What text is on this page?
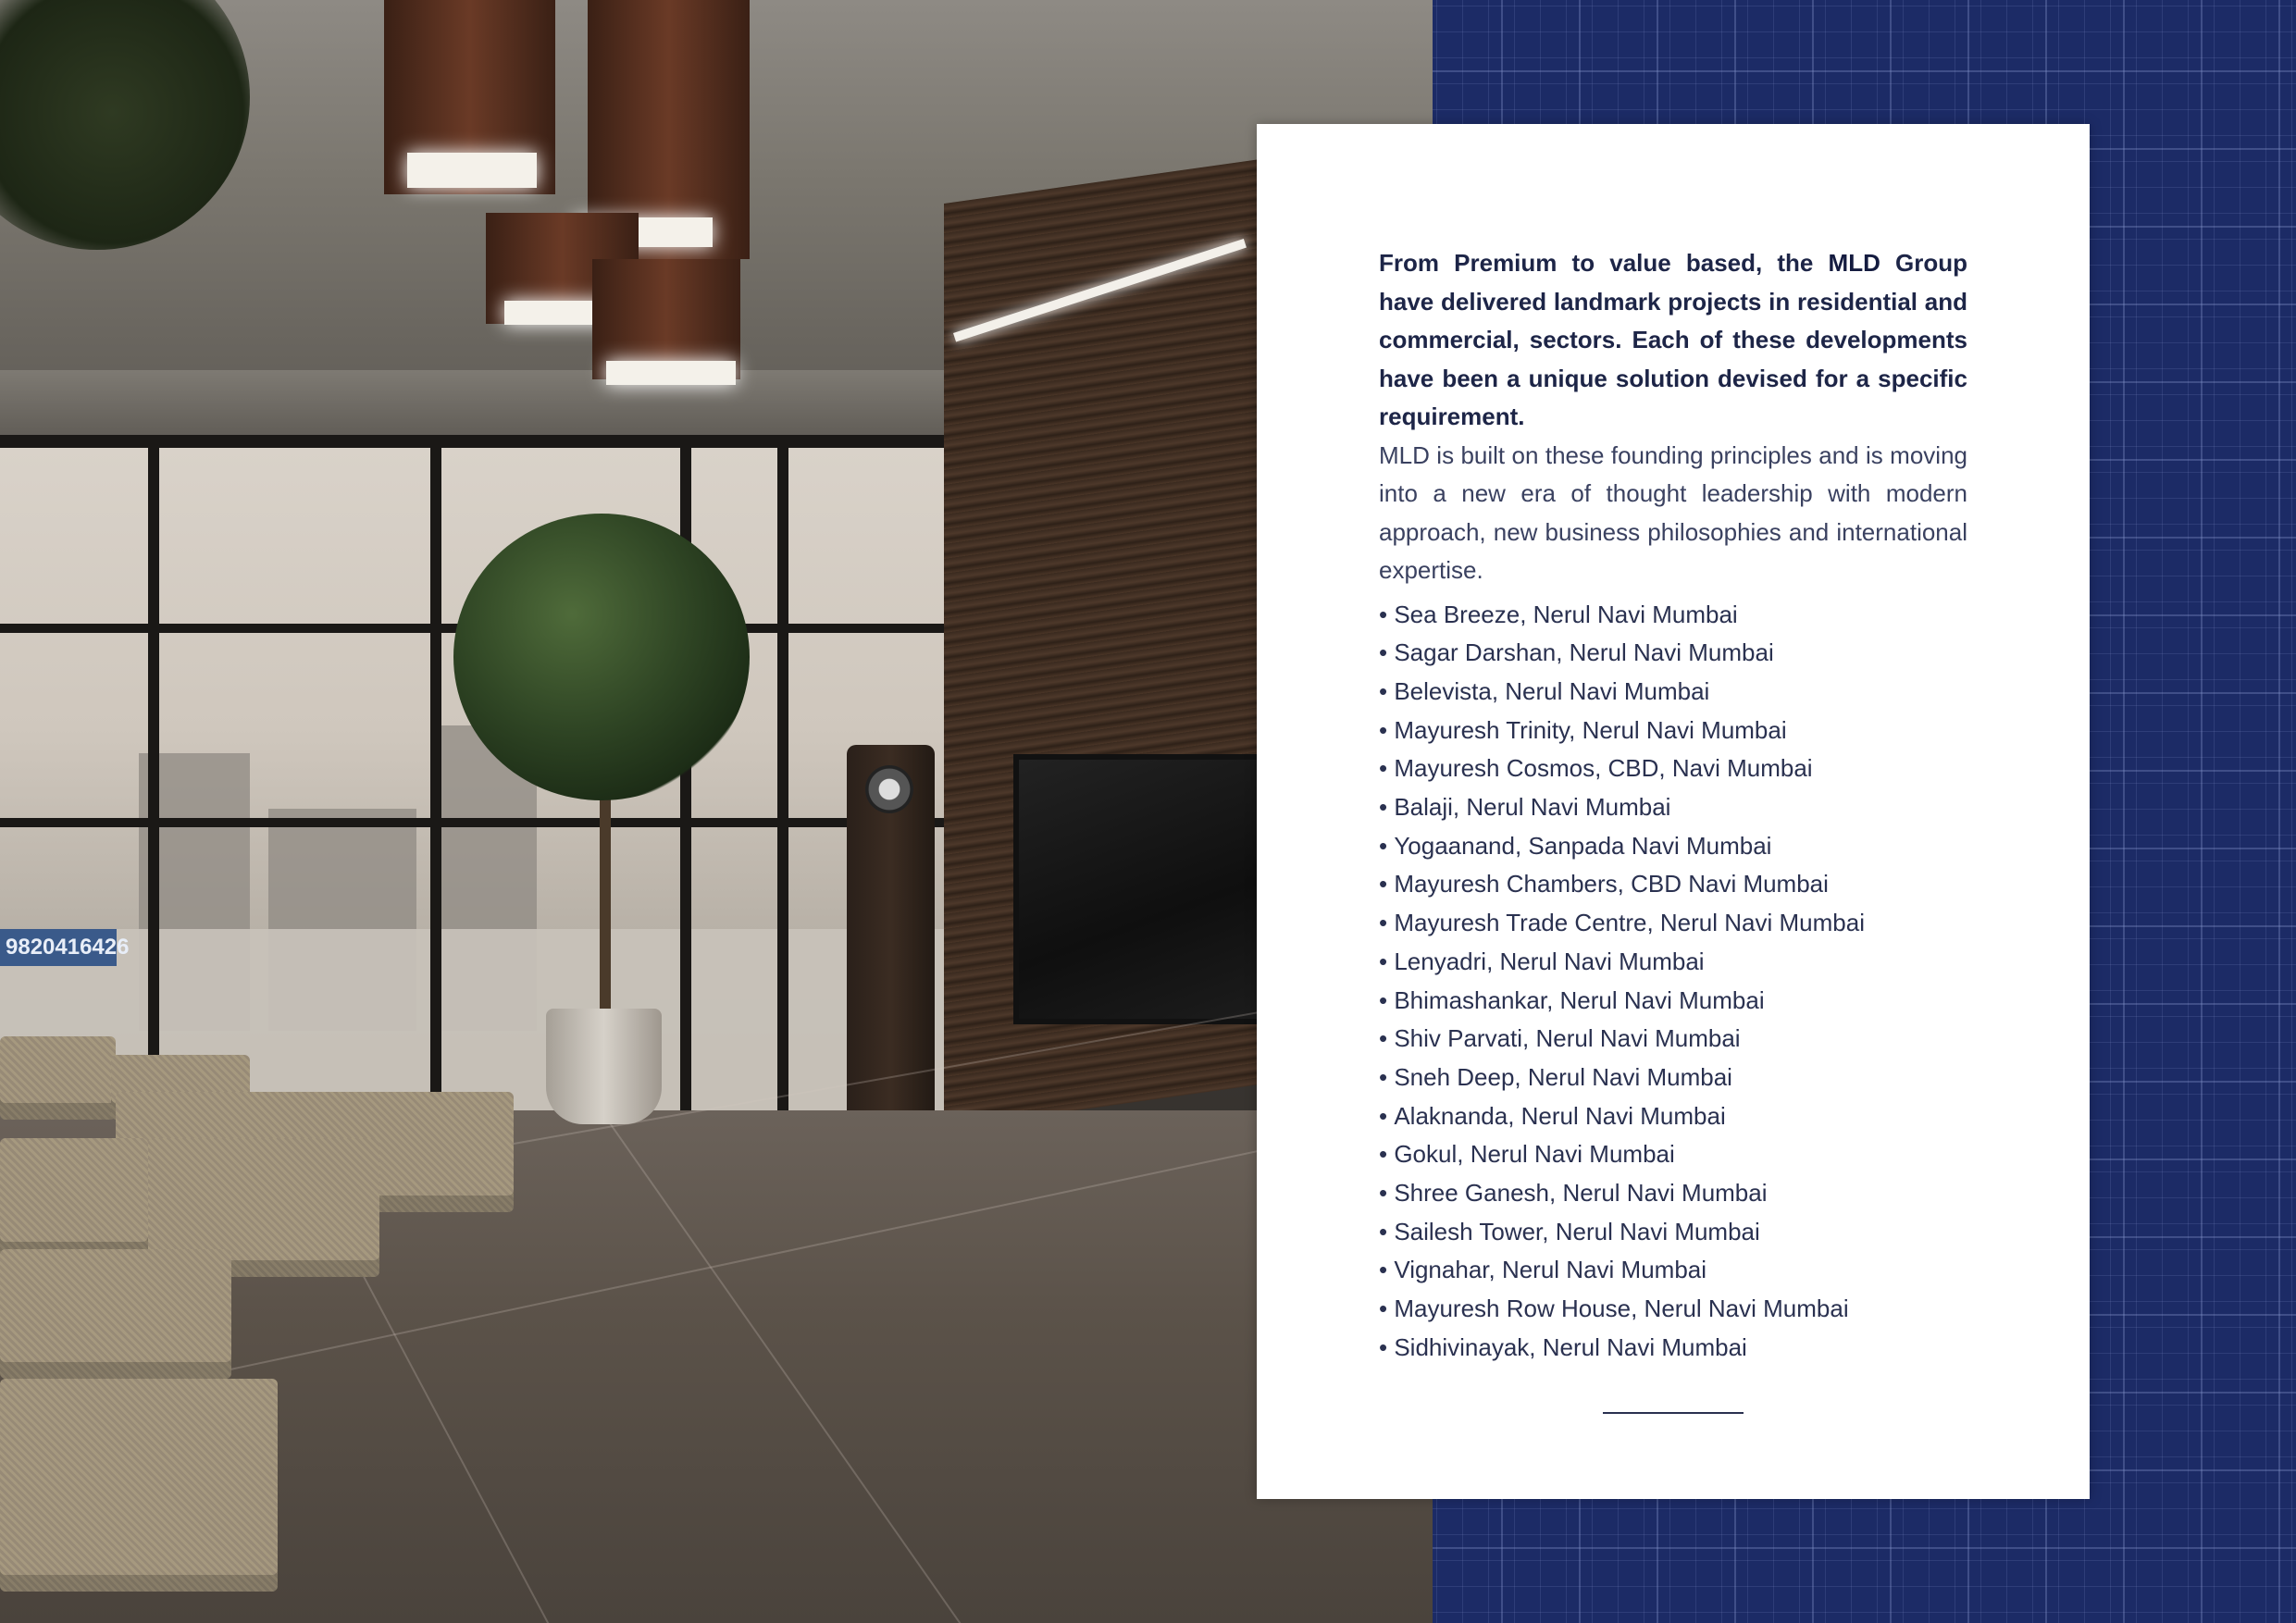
9820416426

From Premium to value based, the MLD Group have delivered landmark projects in residential and commercial, sectors. Each of these developments have been a unique solution devised for a specific requirement.

MLD is built on these founding principles and is moving into a new era of thought leadership with modern approach, new business philosophies and international expertise.

• Sea Breeze, Nerul Navi Mumbai
• Sagar Darshan, Nerul Navi Mumbai
• Belevista, Nerul Navi Mumbai
• Mayuresh Trinity, Nerul Navi Mumbai
• Mayuresh Cosmos, CBD, Navi Mumbai
• Balaji, Nerul Navi Mumbai
• Yogaanand, Sanpada Navi Mumbai
• Mayuresh Chambers, CBD Navi Mumbai
• Mayuresh Trade Centre, Nerul Navi Mumbai
• Lenyadri, Nerul Navi Mumbai
• Bhimashankar, Nerul Navi Mumbai
• Shiv Parvati, Nerul Navi Mumbai
• Sneh Deep, Nerul Navi Mumbai
• Alaknanda, Nerul Navi Mumbai
• Gokul, Nerul Navi Mumbai
• Shree Ganesh, Nerul Navi Mumbai
• Sailesh Tower, Nerul Navi Mumbai
• Vignahar, Nerul Navi Mumbai
• Mayuresh Row House, Nerul Navi Mumbai
• Sidhivinayak, Nerul Navi Mumbai
